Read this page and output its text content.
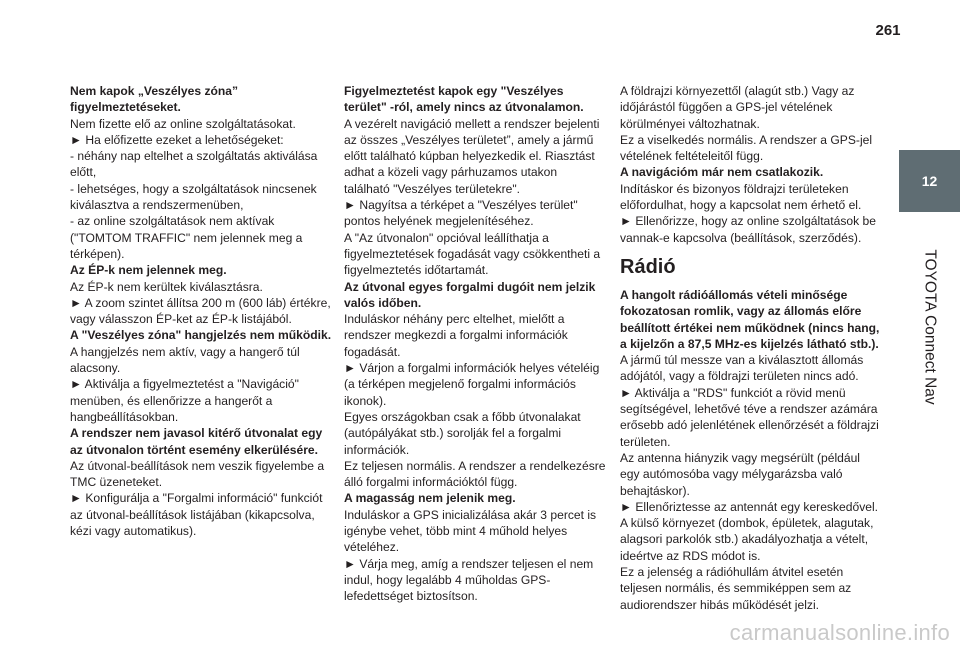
261
12
TOYOTA Connect Nav

Nem kapok „Veszélyes zóna” figyelmeztetéseket.

Nem fizette elő az online szolgáltatásokat.

► Ha előfizette ezeket a lehetőségeket:

- néhány nap eltelhet a szolgáltatás aktiválása előtt,

- lehetséges, hogy a szolgáltatások nincsenek kiválasztva a rendszermenüben,

- az online szolgáltatások nem aktívak ("TOMTOM TRAFFIC" nem jelennek meg a térképen).

Az ÉP-k nem jelennek meg.

Az ÉP-k nem kerültek kiválasztásra.

► A zoom szintet állítsa 200 m (600 láb) értékre, vagy válasszon ÉP-ket az ÉP-k listájából.

A "Veszélyes zóna" hangjelzés nem működik.

A hangjelzés nem aktív, vagy a hangerő túl alacsony.

► Aktiválja a figyelmeztetést a "Navigáció" menüben, és ellenőrizze a hangerőt a hangbeállításokban.

A rendszer nem javasol kitérő útvonalat egy az útvonalon történt esemény elkerülésére.

Az útvonal-beállítások nem veszik figyelembe a TMC üzeneteket.

► Konfigurálja a "Forgalmi információ" funkciót az útvonal-beállítások listájában (kikapcsolva, kézi vagy automatikus).

Figyelmeztetést kapok egy "Veszélyes terület" -ról, amely nincs az útvonalamon.

A vezérelt navigáció mellett a rendszer bejelenti az összes „Veszélyes területet”, amely a jármű előtt található kúpban helyezkedik el. Riasztást adhat a közeli vagy párhuzamos utakon található "Veszélyes területekre".

► Nagyítsa a térképet a "Veszélyes terület" pontos helyének megjelenítéséhez.

A "Az útvonalon" opcióval leállíthatja a figyelmeztetések fogadását vagy csökkentheti a figyelmeztetés időtartamát.

Az útvonal egyes forgalmi dugóit nem jelzik valós időben.

Induláskor néhány perc eltelhet, mielőtt a rendszer megkezdi a forgalmi információk fogadását.

► Várjon a forgalmi információk helyes vételéig (a térképen megjelenő forgalmi információs ikonok).

Egyes országokban csak a főbb útvonalakat (autópályákat stb.) sorolják fel a forgalmi információk.

Ez teljesen normális. A rendszer a rendelkezésre álló forgalmi információktól függ.

A magasság nem jelenik meg.

Induláskor a GPS inicializálása akár 3 percet is igénybe vehet, több mint 4 műhold helyes vételéhez.

► Várja meg, amíg a rendszer teljesen el nem indul, hogy legalább 4 műholdas GPS-lefedettséget biztosítson.

A földrajzi környezettől (alagút stb.) Vagy az időjárástól függően a GPS-jel vételének körülményei változhatnak.

Ez a viselkedés normális. A rendszer a GPS-jel vételének feltételeitől függ.

A navigációm már nem csatlakozik.

Indításkor és bizonyos földrajzi területeken előfordulhat, hogy a kapcsolat nem érhető el.

► Ellenőrizze, hogy az online szolgáltatások be vannak-e kapcsolva (beállítások, szerződés).

Rádió

A hangolt rádióállomás vételi minősége fokozatosan romlik, vagy az állomás előre beállított értékei nem működnek (nincs hang, a kijelzőn a 87,5 MHz-es kijelzés látható stb.).

A jármű túl messze van a kiválasztott állomás adójától, vagy a földrajzi területen nincs adó.

► Aktiválja a "RDS" funkciót a rövid menü segítségével, lehetővé téve a rendszer azámára erősebb adó jelenlétének ellenőrzését a földrajzi területen.

Az antenna hiányzik vagy megsérült (például egy autómosóba vagy mélygarázsba való behajtáskor).

► Ellenőriztesse az antennát egy kereskedővel.

A külső környezet (dombok, épületek, alagutak, alagsori parkolók stb.) akadályozhatja a vételt, ideértve az RDS módot is.

Ez a jelenség a rádióhullám átvitel esetén teljesen normális, és semmiképpen sem az audiorendszer hibás működését jelzi.

carmanualsonline.info
